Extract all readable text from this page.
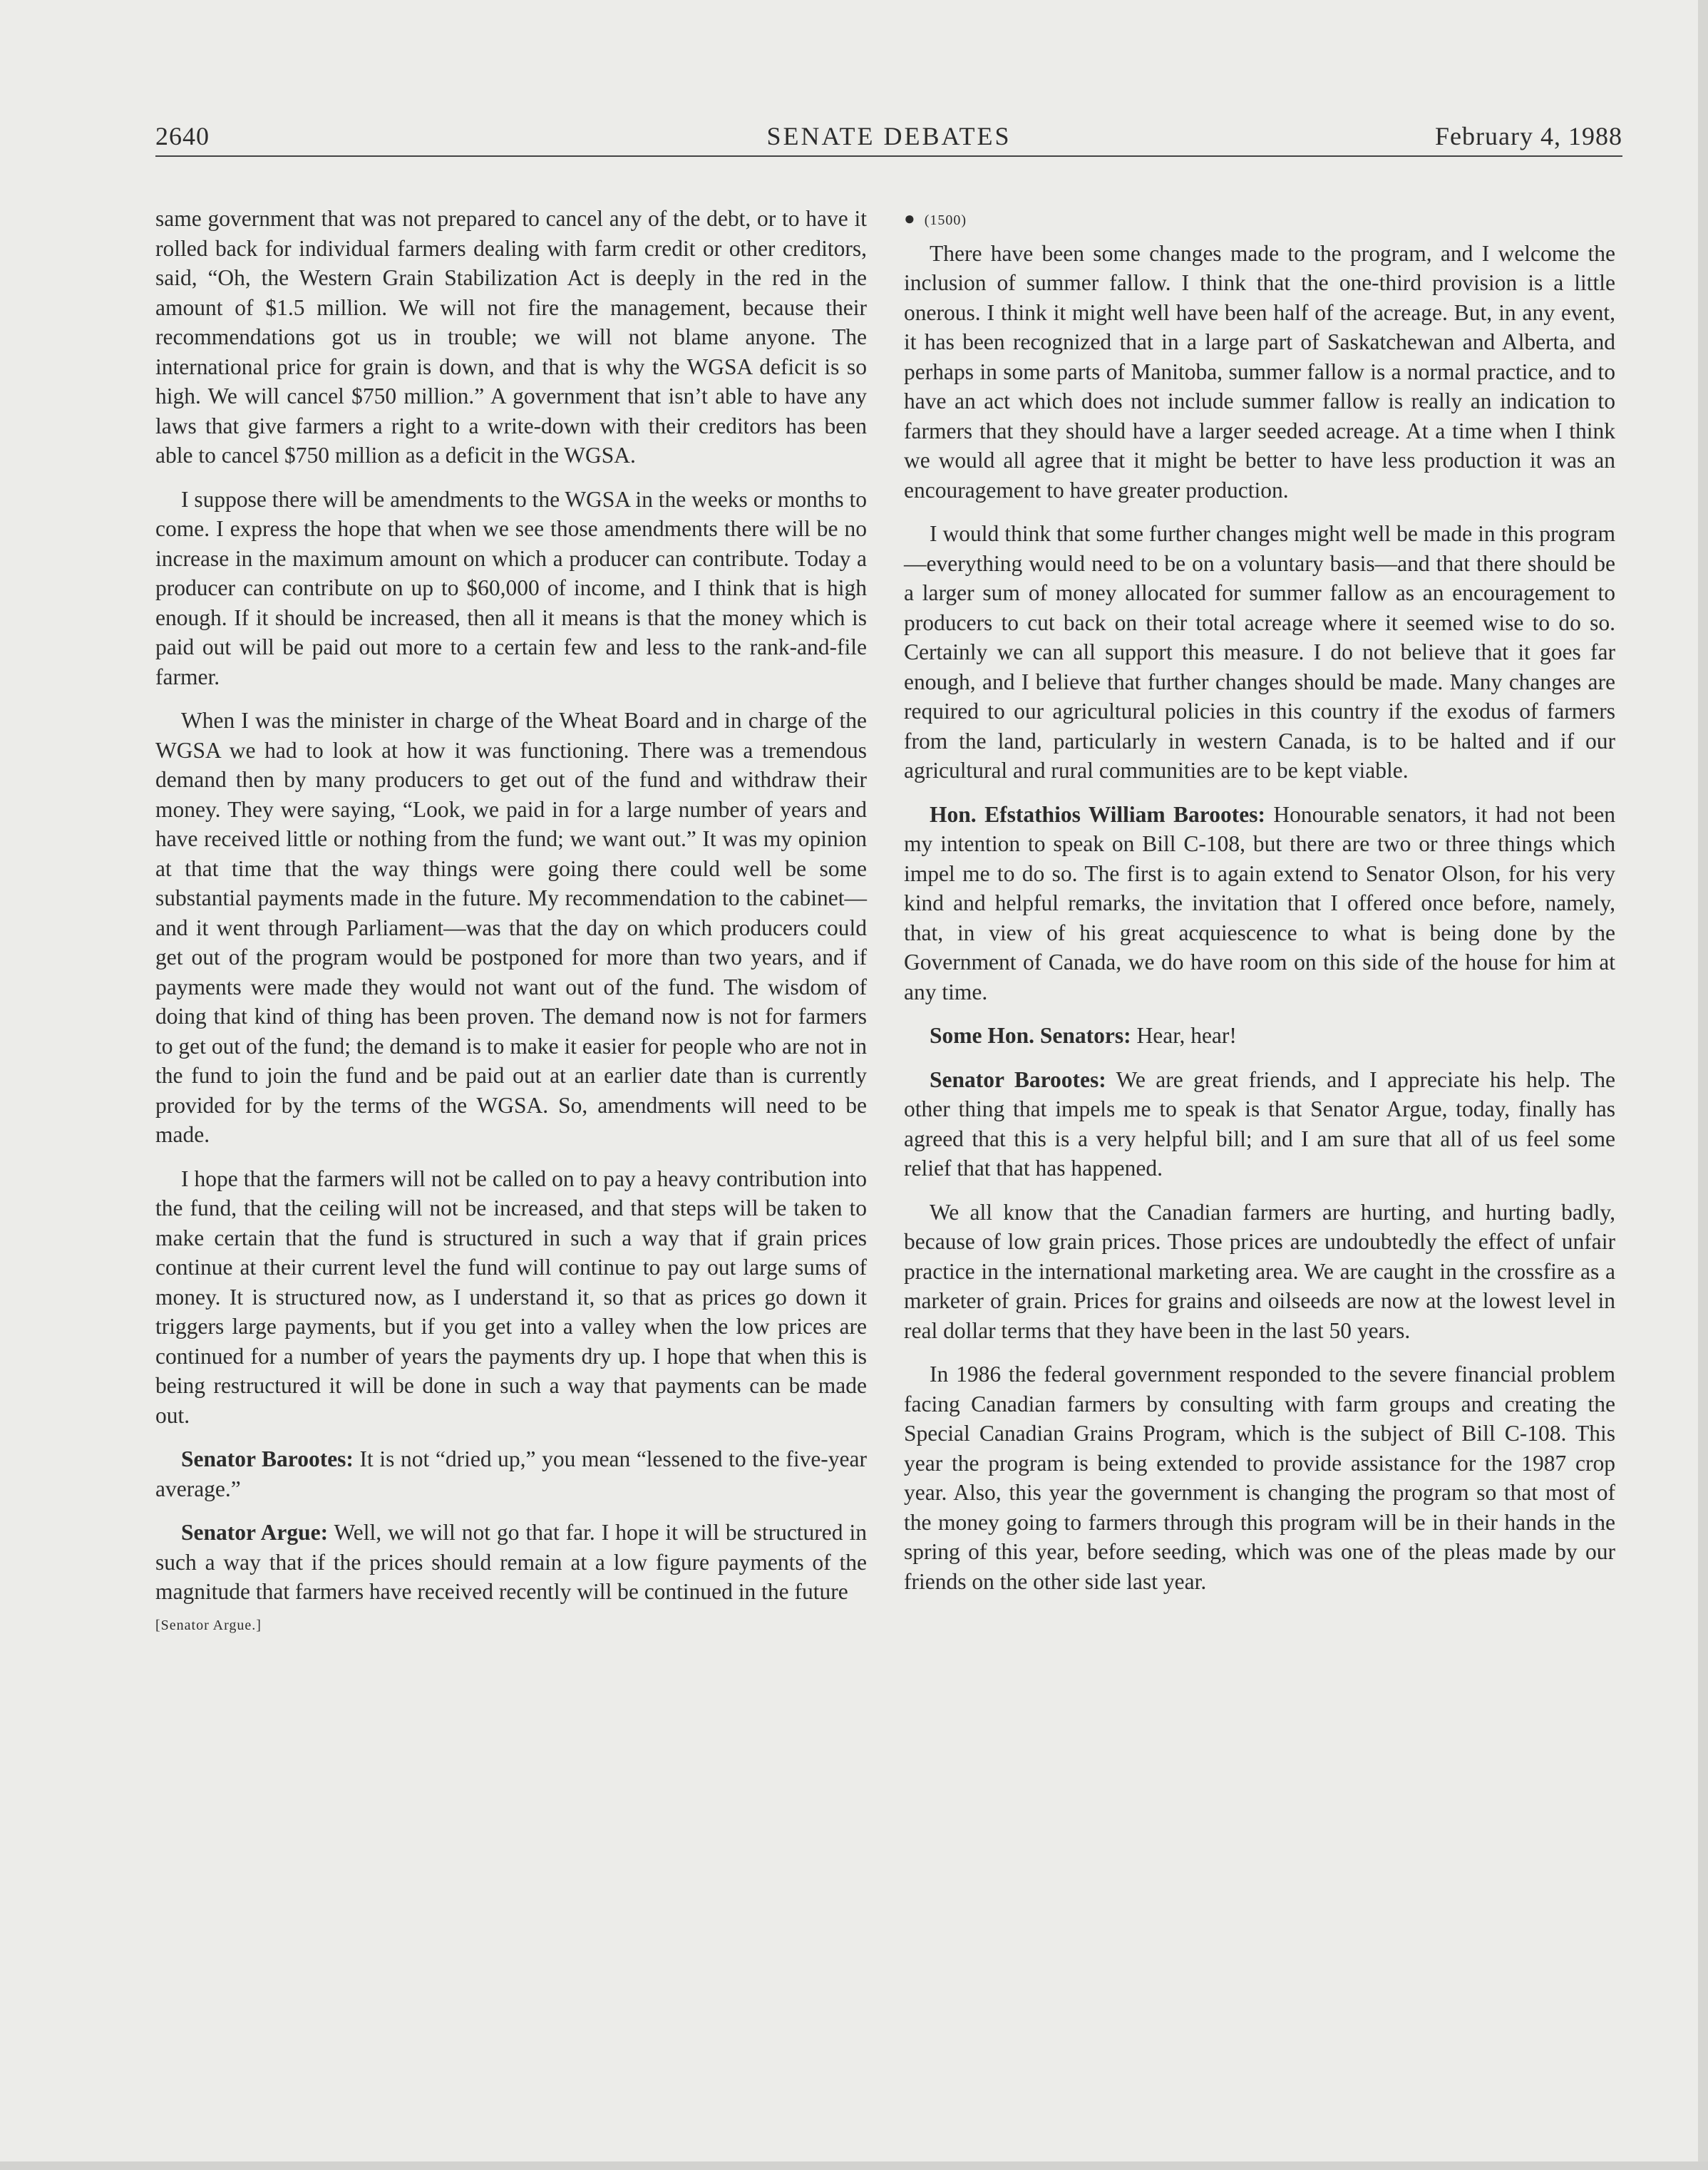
2640	SENATE DEBATES	February 4, 1988

same government that was not prepared to cancel any of the debt, or to have it rolled back for individual farmers dealing with farm credit or other creditors, said, “Oh, the Western Grain Stabilization Act is deeply in the red in the amount of $1.5 million. We will not fire the management, because their recommendations got us in trouble; we will not blame anyone. The international price for grain is down, and that is why the WGSA deficit is so high. We will cancel $750 million.” A government that isn’t able to have any laws that give farmers a right to a write-down with their creditors has been able to cancel $750 million as a deficit in the WGSA.

I suppose there will be amendments to the WGSA in the weeks or months to come. I express the hope that when we see those amendments there will be no increase in the maximum amount on which a producer can contribute. Today a producer can contribute on up to $60,000 of income, and I think that is high enough. If it should be increased, then all it means is that the money which is paid out will be paid out more to a certain few and less to the rank-and-file farmer.

When I was the minister in charge of the Wheat Board and in charge of the WGSA we had to look at how it was functioning. There was a tremendous demand then by many producers to get out of the fund and withdraw their money. They were saying, “Look, we paid in for a large number of years and have received little or nothing from the fund; we want out.” It was my opinion at that time that the way things were going there could well be some substantial payments made in the future. My recommendation to the cabinet—and it went through Parliament—was that the day on which producers could get out of the program would be postponed for more than two years, and if payments were made they would not want out of the fund. The wisdom of doing that kind of thing has been proven. The demand now is not for farmers to get out of the fund; the demand is to make it easier for people who are not in the fund to join the fund and be paid out at an earlier date than is currently provided for by the terms of the WGSA. So, amendments will need to be made.

I hope that the farmers will not be called on to pay a heavy contribution into the fund, that the ceiling will not be increased, and that steps will be taken to make certain that the fund is structured in such a way that if grain prices continue at their current level the fund will continue to pay out large sums of money. It is structured now, as I understand it, so that as prices go down it triggers large payments, but if you get into a valley when the low prices are continued for a number of years the payments dry up. I hope that when this is being restructured it will be done in such a way that payments can be made out.

Senator Barootes: It is not “dried up,” you mean “lessened to the five-year average.”

Senator Argue: Well, we will not go that far. I hope it will be structured in such a way that if the prices should remain at a low figure payments of the magnitude that farmers have received recently will be continued in the future

[Senator Argue.]

● (1500)

There have been some changes made to the program, and I welcome the inclusion of summer fallow. I think that the one-third provision is a little onerous. I think it might well have been half of the acreage. But, in any event, it has been recognized that in a large part of Saskatchewan and Alberta, and perhaps in some parts of Manitoba, summer fallow is a normal practice, and to have an act which does not include summer fallow is really an indication to farmers that they should have a larger seeded acreage. At a time when I think we would all agree that it might be better to have less production it was an encouragement to have greater production.

I would think that some further changes might well be made in this program—everything would need to be on a voluntary basis—and that there should be a larger sum of money allocated for summer fallow as an encouragement to producers to cut back on their total acreage where it seemed wise to do so. Certainly we can all support this measure. I do not believe that it goes far enough, and I believe that further changes should be made. Many changes are required to our agricultural policies in this country if the exodus of farmers from the land, particularly in western Canada, is to be halted and if our agricultural and rural communities are to be kept viable.

Hon. Efstathios William Barootes: Honourable senators, it had not been my intention to speak on Bill C-108, but there are two or three things which impel me to do so. The first is to again extend to Senator Olson, for his very kind and helpful remarks, the invitation that I offered once before, namely, that, in view of his great acquiescence to what is being done by the Government of Canada, we do have room on this side of the house for him at any time.

Some Hon. Senators: Hear, hear!

Senator Barootes: We are great friends, and I appreciate his help. The other thing that impels me to speak is that Senator Argue, today, finally has agreed that this is a very helpful bill; and I am sure that all of us feel some relief that that has happened.

We all know that the Canadian farmers are hurting, and hurting badly, because of low grain prices. Those prices are undoubtedly the effect of unfair practice in the international marketing area. We are caught in the crossfire as a marketer of grain. Prices for grains and oilseeds are now at the lowest level in real dollar terms that they have been in the last 50 years.

In 1986 the federal government responded to the severe financial problem facing Canadian farmers by consulting with farm groups and creating the Special Canadian Grains Program, which is the subject of Bill C-108. This year the program is being extended to provide assistance for the 1987 crop year. Also, this year the government is changing the program so that most of the money going to farmers through this program will be in their hands in the spring of this year, before seeding, which was one of the pleas made by our friends on the other side last year.
